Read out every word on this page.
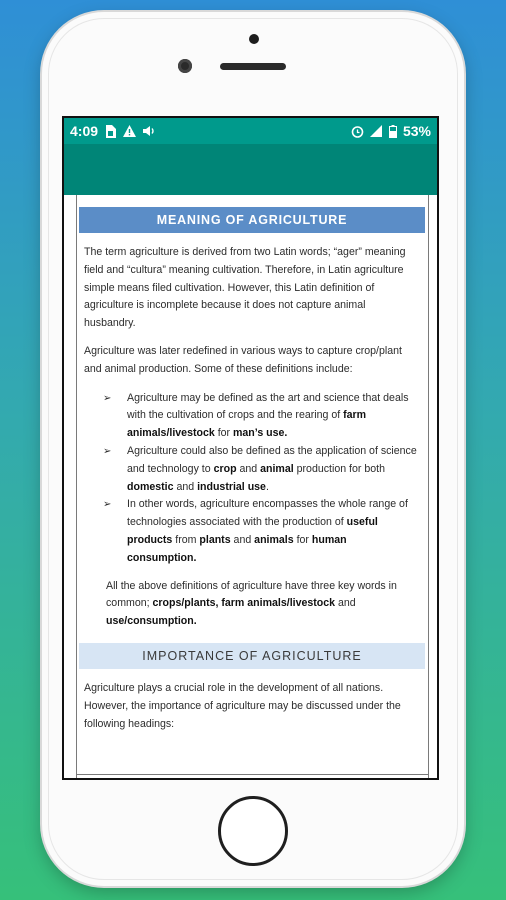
4:09	53%
MEANING OF AGRICULTURE

The term agriculture is derived from two Latin words; “ager” meaning field and “cultura” meaning cultivation. Therefore, in Latin agriculture simple means filed cultivation. However, this Latin definition of agriculture is incomplete because it does not capture animal husbandry.

Agriculture was later redefined in various ways to capture crop/plant and animal production. Some of these definitions include:

➢ Agriculture may be defined as the art and science that deals with the cultivation of crops and the rearing of farm animals/livestock for man’s use.
➢ Agriculture could also be defined as the application of science and technology to crop and animal production for both domestic and industrial use.
➢ In other words, agriculture encompasses the whole range of technologies associated with the production of useful products from plants and animals for human consumption.

All the above definitions of agriculture have three key words in common; crops/plants, farm animals/livestock and use/consumption.

IMPORTANCE OF AGRICULTURE

Agriculture plays a crucial role in the development of all nations. However, the importance of agriculture may be discussed under the following headings:
